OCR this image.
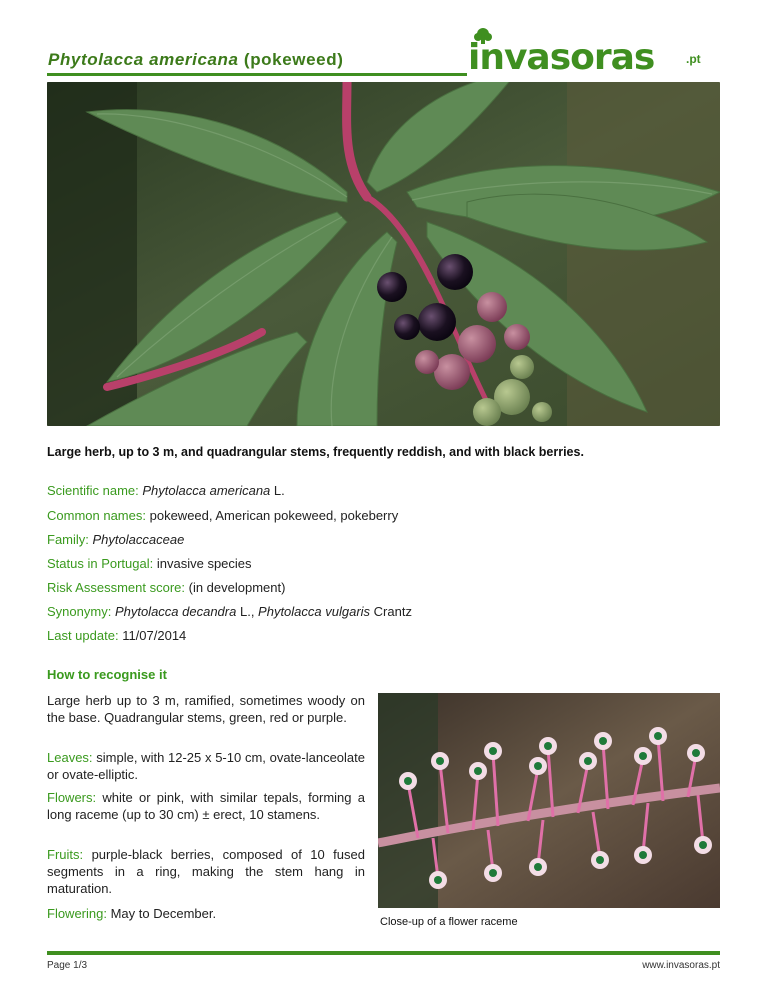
Phytolacca americana (pokeweed)	invasoras	.pt
Large herb, up to 3 m, and quadrangular stems, frequently reddish, and with black berries.
Scientific name: Phytolacca americana L.
Common names: pokeweed, American pokeweed, pokeberry
Family: Phytolaccaceae
Status in Portugal: invasive species
Risk Assessment score: (in development)
Synonymy: Phytolacca decandra L., Phytolacca vulgaris Crantz
Last update: 11/07/2014
How to recognise it
Large herb up to 3 m, ramified, sometimes woody on the base. Quadrangular stems, green, red or purple.
Leaves: simple, with 12-25 x 5-10 cm, ovate-lanceolate or ovate-elliptic.
Flowers: white or pink, with similar tepals, forming a long raceme (up to 30 cm) ± erect, 10 stamens.
Fruits: purple-black berries, composed of 10 fused segments in a ring, making the stem hang in maturation.
Flowering: May to December.
Close-up of a flower raceme
Page 1/3	www.invasoras.pt
